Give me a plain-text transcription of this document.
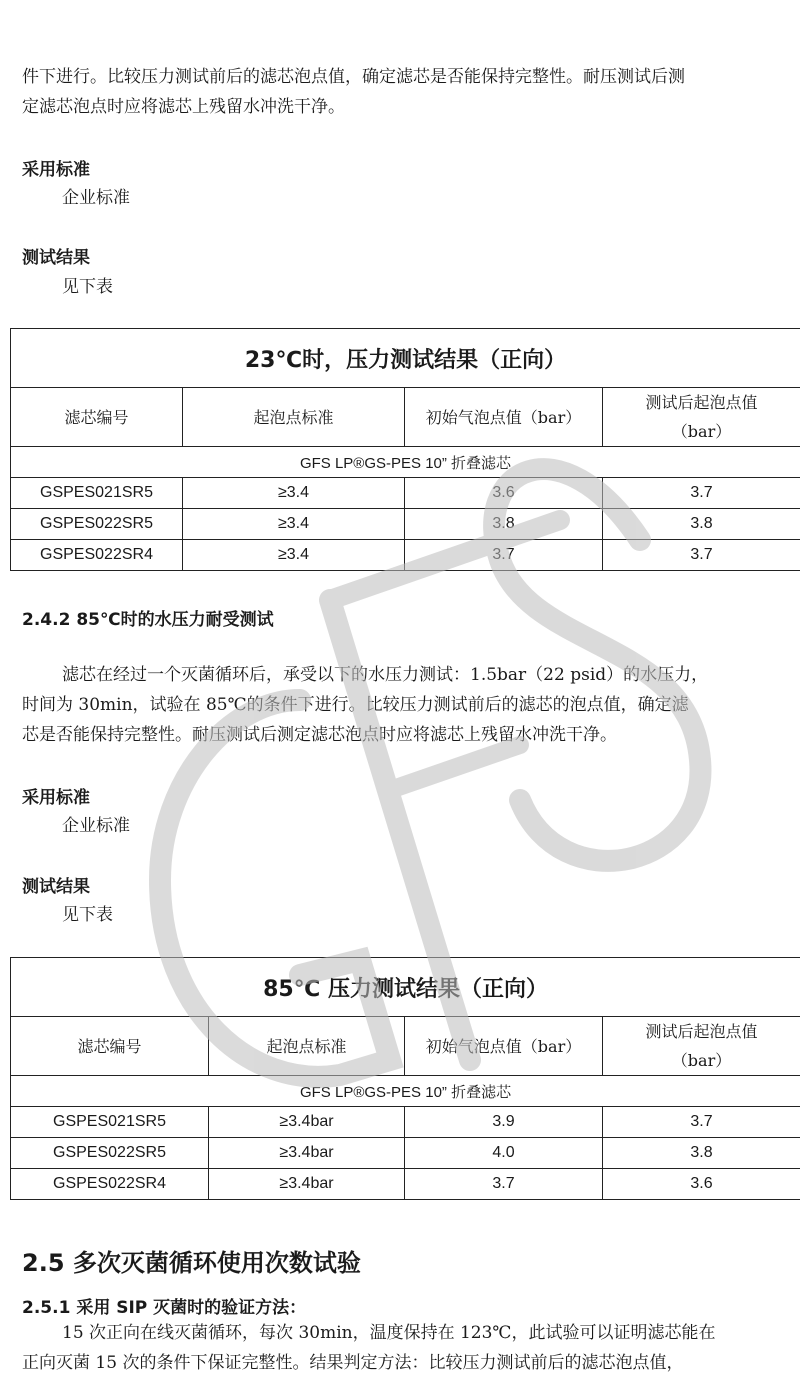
件下进行。比较压力测试前后的滤芯泡点值，确定滤芯是否能保持完整性。耐压测试后测

定滤芯泡点时应将滤芯上残留水冲洗干净。

采用标准

企业标准

测试结果

见下表

23℃时，压力测试结果（正向）			
滤芯编号	起泡点标准	初始气泡点值（bar）	测试后起泡点值
（bar）
GFS LP®GS-PES 10” 折叠滤芯			
GSPES021SR5	≥3.4	3.6	3.7
GSPES022SR5	≥3.4	3.8	3.8
GSPES022SR4	≥3.4	3.7	3.7

2.4.2 85℃时的水压力耐受测试

滤芯在经过一个灭菌循环后，承受以下的水压力测试：1.5bar（22 psid）的水压力，

时间为 30min，试验在 85℃的条件下进行。比较压力测试前后的滤芯的泡点值，确定滤

芯是否能保持完整性。耐压测试后测定滤芯泡点时应将滤芯上残留水冲洗干净。

采用标准

企业标准

测试结果

见下表

85℃ 压力测试结果（正向）			
滤芯编号	起泡点标准	初始气泡点值（bar）	测试后起泡点值
（bar）
GFS LP®GS-PES 10” 折叠滤芯			
GSPES021SR5	≥3.4bar	3.9	3.7
GSPES022SR5	≥3.4bar	4.0	3.8
GSPES022SR4	≥3.4bar	3.7	3.6

2.5 多次灭菌循环使用次数试验

2.5.1 采用 SIP 灭菌时的验证方法：

15 次正向在线灭菌循环，每次 30min，温度保持在 123℃，此试验可以证明滤芯能在

正向灭菌 15 次的条件下保证完整性。结果判定方法：比较压力测试前后的滤芯泡点值，
